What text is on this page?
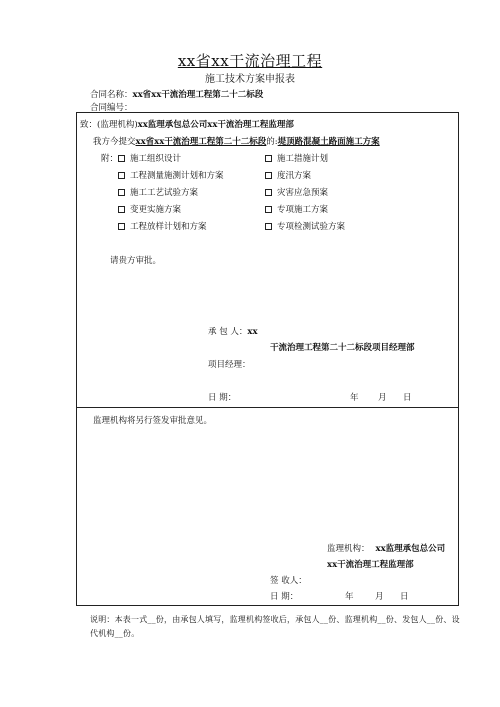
xx省xx干流治理工程
施工技术方案申报表
合同名称：xx省xx干流治理工程第二十二标段
合同编号：
致：(监理机构)xx监理承包总公司xx干流治理工程监理部
我方今提交xx省xx干流治理工程第二十二标段的:堤顶路混凝土路面施工方案
附：	施工组织设计	施工措施计划
工程测量施测计划和方案	度汛方案
施工工艺试验方案	灾害应急预案
变更实施方案	专项施工方案
工程放样计划和方案	专项检测试验方案
请贵方审批。
承 包 人：xx
干流治理工程第二十二标段项目经理部
项目经理：
日 期：	年 月 日
监理机构将另行签发审批意见。
监理机构： xx监理承包总公司
xx干流治理工程监理部
签 收人：
日 期：	年	月 日
说明：本表一式__份，由承包人填写，监理机构签收后，承包人__份、监理机构__份、发包人__份、设代机构__份。
